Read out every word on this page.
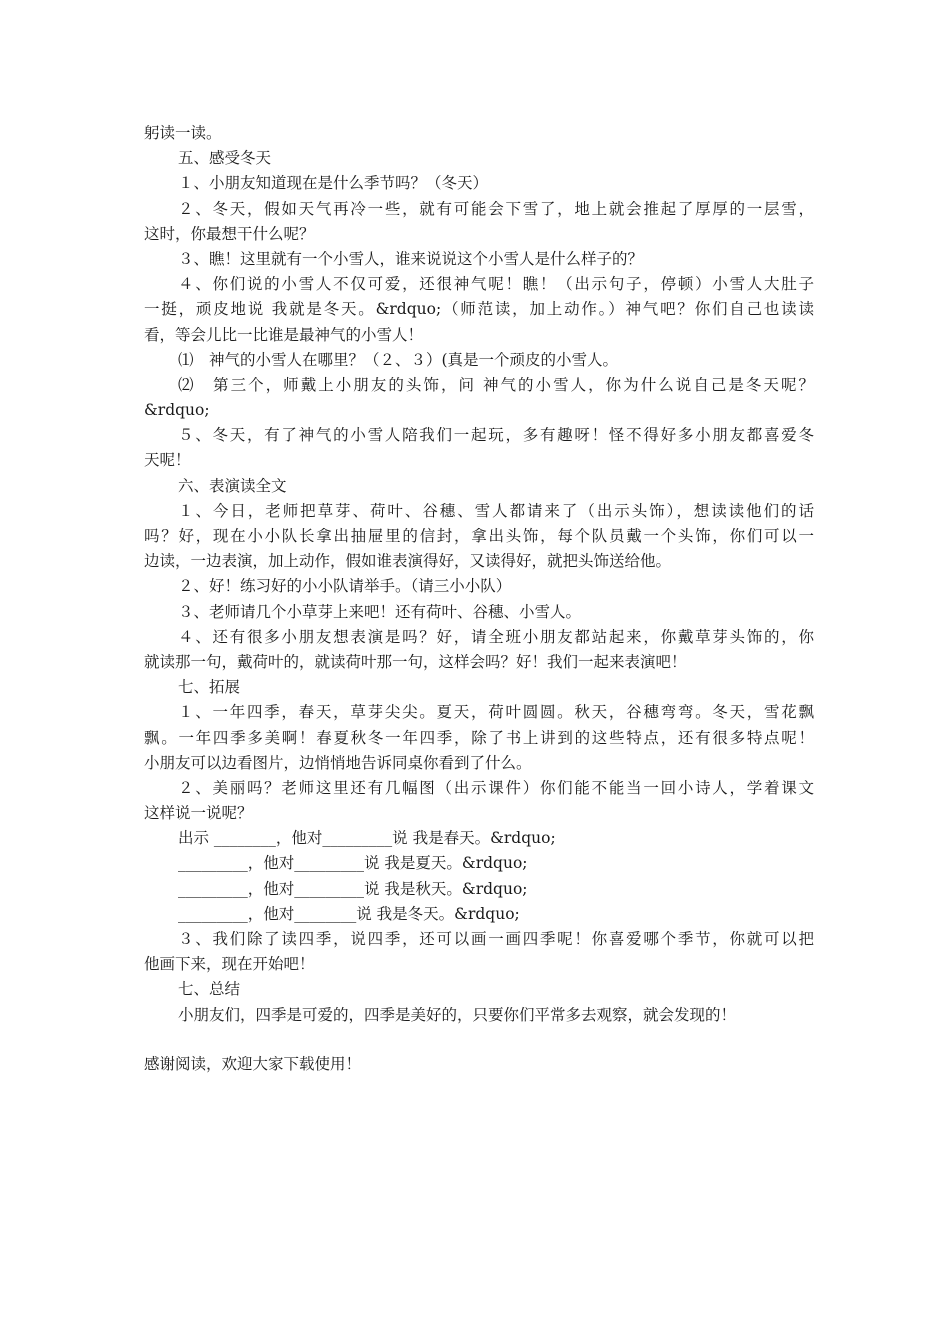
躬读一读。
五、感受冬天
１、小朋友知道现在是什么季节吗？（冬天）
２、冬天，假如天气再冷一些，就有可能会下雪了，地上就会推起了厚厚的一层雪，
这时，你最想干什么呢？
３、瞧！这里就有一个小雪人，谁来说说这个小雪人是什么样子的？
４、你们说的小雪人不仅可爱，还很神气呢！瞧！（出示句子，停顿）小雪人大肚子
一挺，顽皮地说 我就是冬天。&rdquo;（师范读，加上动作。）神气吧？你们自己也读读
看，等会儿比一比谁是最神气的小雪人！
⑴　神气的小雪人在哪里？（２、３）(真是一个顽皮的小雪人。
⑵　第三个，师戴上小朋友的头饰，问 神气的小雪人，你为什么说自己是冬天呢？
&rdquo;
５、冬天，有了神气的小雪人陪我们一起玩，多有趣呀！怪不得好多小朋友都喜爱冬
天呢！
六、表演读全文
１、今日，老师把草芽、荷叶、谷穗、雪人都请来了（出示头饰），想读读他们的话
吗？好，现在小小队长拿出抽屉里的信封，拿出头饰，每个队员戴一个头饰，你们可以一
边读，一边表演，加上动作，假如谁表演得好，又读得好，就把头饰送给他。
２、好！练习好的小小队请举手。（请三小小队）
３、老师请几个小草芽上来吧！还有荷叶、谷穗、小雪人。
４、还有很多小朋友想表演是吗？好，请全班小朋友都站起来，你戴草芽头饰的，你
就读那一句，戴荷叶的，就读荷叶那一句，这样会吗？好！我们一起来表演吧！
七、拓展
１、一年四季，春天，草芽尖尖。夏天，荷叶圆圆。秋天，谷穗弯弯。冬天，雪花飘
飘。一年四季多美啊！春夏秋冬一年四季，除了书上讲到的这些特点，还有很多特点呢！
小朋友可以边看图片，边悄悄地告诉同桌你看到了什么。
２、美丽吗？老师这里还有几幅图（出示课件）你们能不能当一回小诗人，学着课文
这样说一说呢？
出示 ________，他对_________说 我是春天。&rdquo;
_________，他对_________说 我是夏天。&rdquo;
_________，他对_________说 我是秋天。&rdquo;
_________，他对________说 我是冬天。&rdquo;
３、我们除了读四季，说四季，还可以画一画四季呢！你喜爱哪个季节，你就可以把
他画下来，现在开始吧！
七、总结
小朋友们，四季是可爱的，四季是美好的，只要你们平常多去观察，就会发现的！
感谢阅读，欢迎大家下载使用！
